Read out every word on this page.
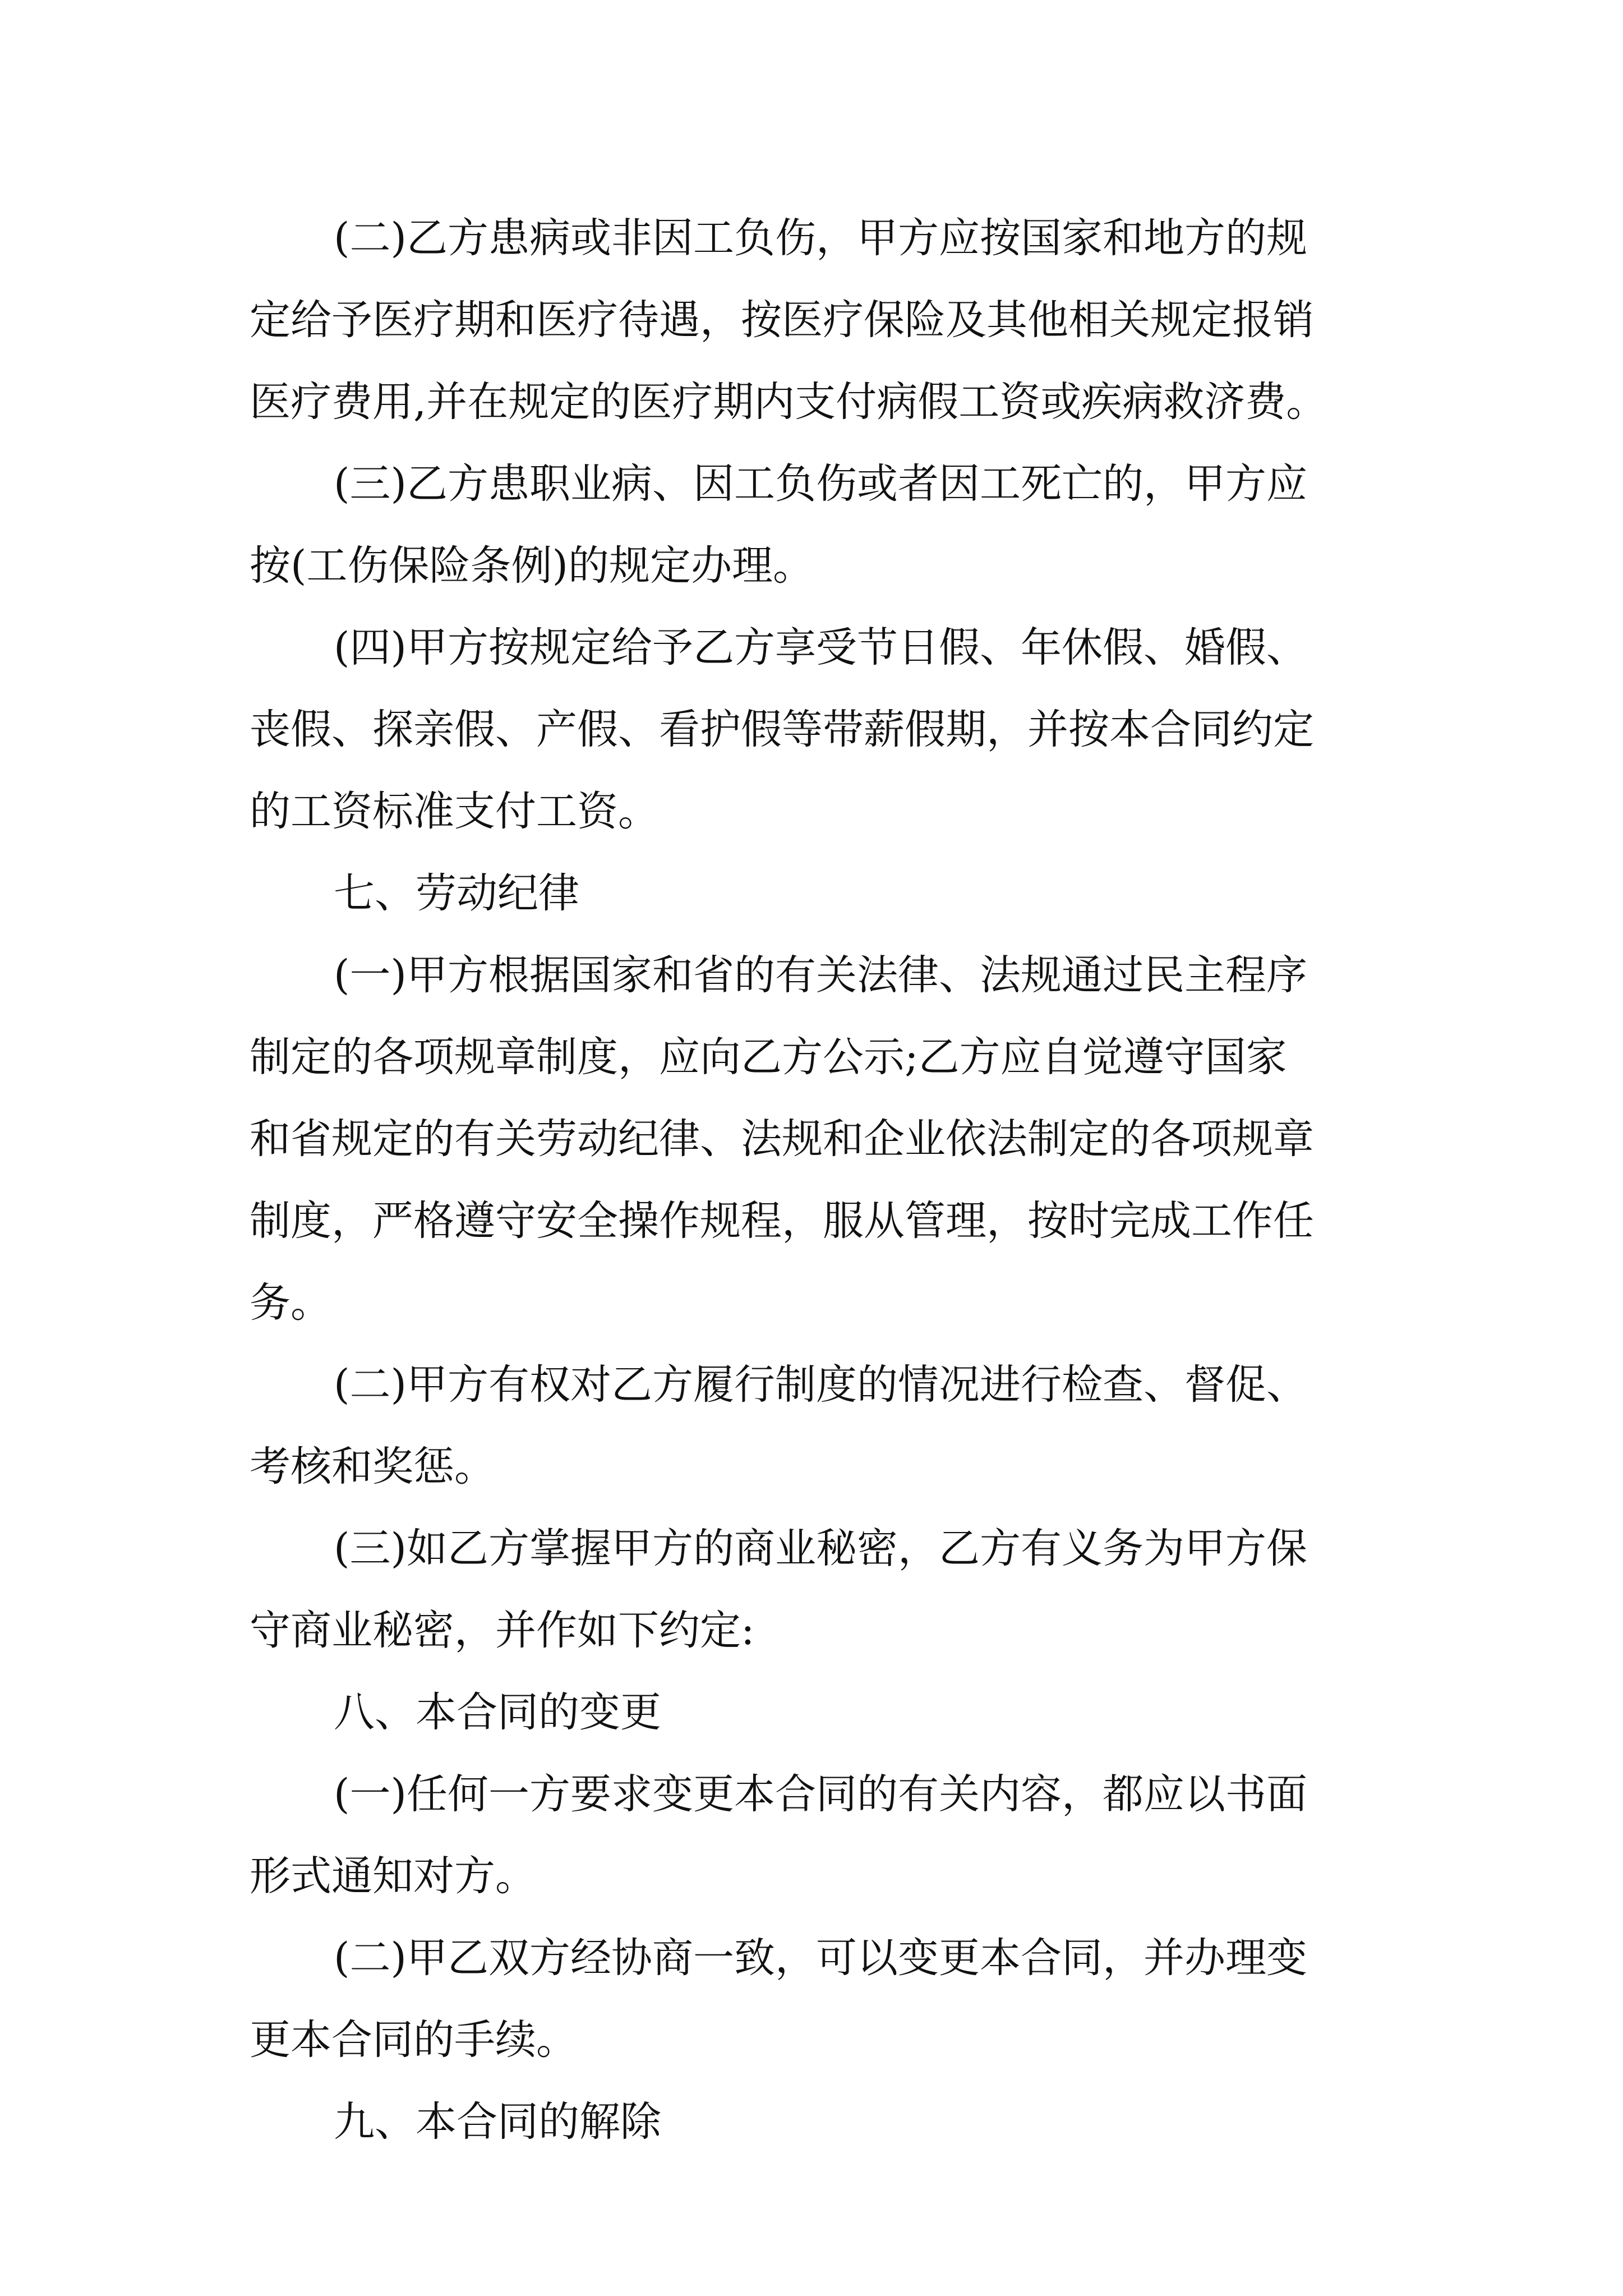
(二)乙方患病或非因工负伤，甲方应按国家和地方的规
定给予医疗期和医疗待遇，按医疗保险及其他相关规定报销
医疗费用,并在规定的医疗期内支付病假工资或疾病救济费。
(三)乙方患职业病、因工负伤或者因工死亡的，甲方应
按(工伤保险条例)的规定办理。
(四)甲方按规定给予乙方享受节日假、年休假、婚假、
丧假、探亲假、产假、看护假等带薪假期，并按本合同约定
的工资标准支付工资。
七、劳动纪律
(一)甲方根据国家和省的有关法律、法规通过民主程序
制定的各项规章制度，应向乙方公示;乙方应自觉遵守国家
和省规定的有关劳动纪律、法规和企业依法制定的各项规章
制度，严格遵守安全操作规程，服从管理，按时完成工作任
务。
(二)甲方有权对乙方履行制度的情况进行检查、督促、
考核和奖惩。
(三)如乙方掌握甲方的商业秘密，乙方有义务为甲方保
守商业秘密，并作如下约定:
八、本合同的变更
(一)任何一方要求变更本合同的有关内容，都应以书面
形式通知对方。
(二)甲乙双方经协商一致，可以变更本合同，并办理变
更本合同的手续。
九、本合同的解除
